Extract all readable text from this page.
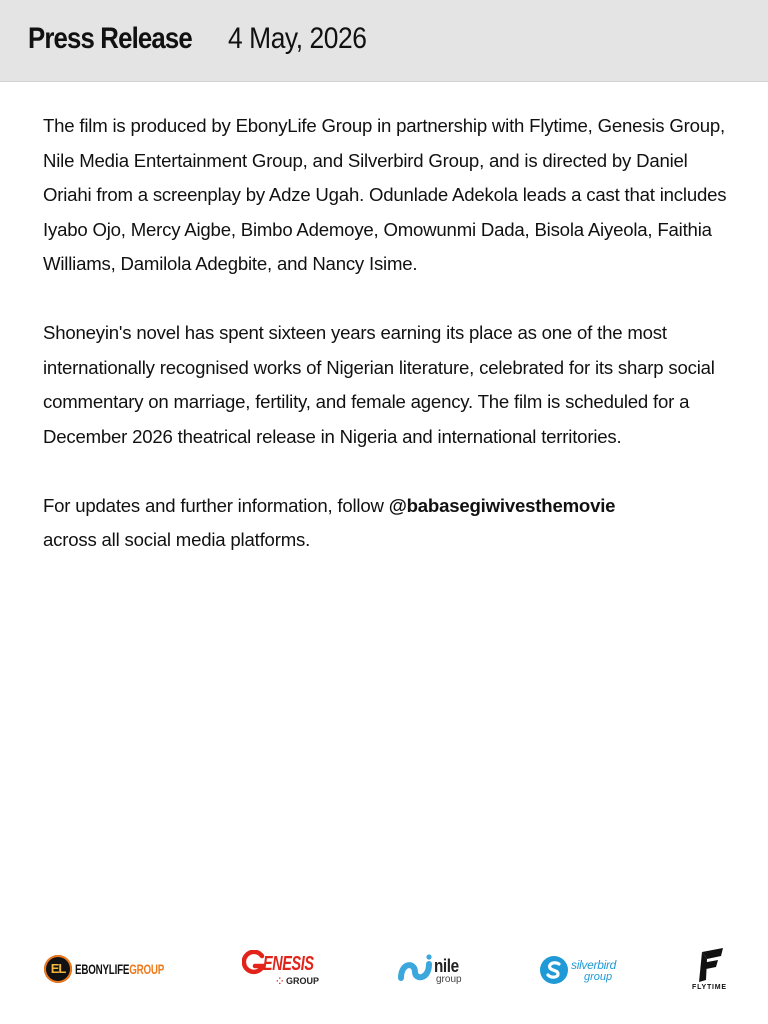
Press Release 4 May, 2026

The film is produced by EbonyLife Group in partnership with Flytime, Genesis Group, Nile Media Entertainment Group, and Silverbird Group, and is directed by Daniel Oriahi from a screenplay by Adze Ugah. Odunlade Adekola leads a cast that includes Iyabo Ojo, Mercy Aigbe, Bimbo Ademoye, Omowunmi Dada, Bisola Aiyeola, Faithia Williams, Damilola Adegbite, and Nancy Isime.

Shoneyin's novel has spent sixteen years earning its place as one of the most internationally recognised works of Nigerian literature, celebrated for its sharp social commentary on marriage, fertility, and female agency. The film is scheduled for a December 2026 theatrical release in Nigeria and international territories.

For updates and further information, follow @babasegiwivesthemovie
across all social media platforms.

EL EBONYLIFEGROUP	ENESIS
⁘ GROUP
nile
group
silverbird
group
FLYTIME
